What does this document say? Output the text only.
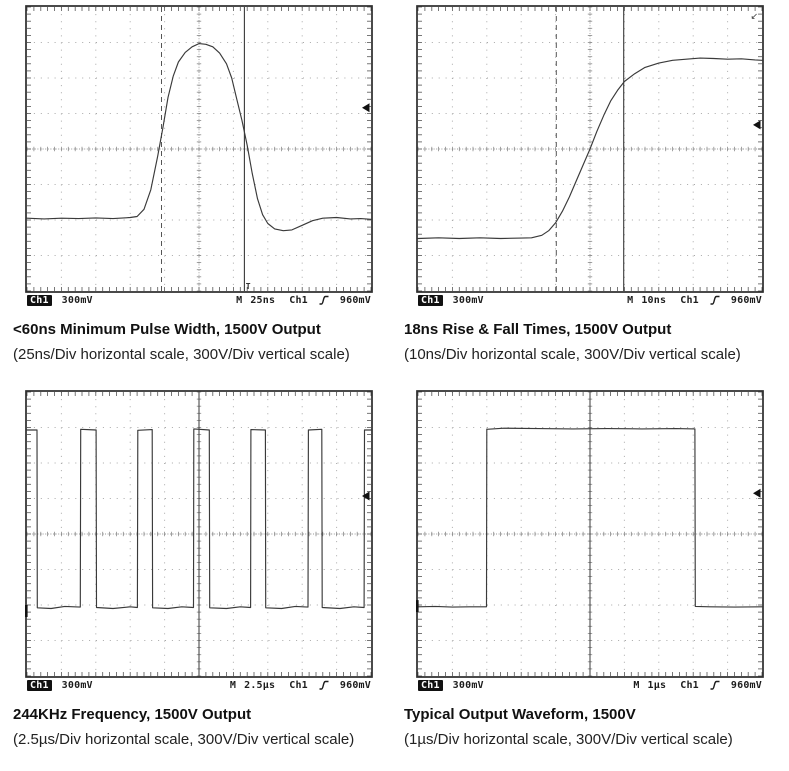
T
Ch1	300mV	M 25ns Ch1	960mV
<60ns Minimum Pulse Width, 1500V Output
(25ns/Div horizontal scale, 300V/Div vertical scale)
↙
Ch1	300mV	M 10ns Ch1	960mV
18ns Rise & Fall Times, 1500V Output
(10ns/Div horizontal scale, 300V/Div vertical scale)
Ch1	300mV	M 2.5µs Ch1	960mV
244KHz Frequency, 1500V Output
(2.5µs/Div horizontal scale, 300V/Div vertical scale)
Ch1	300mV	M 1µs Ch1	960mV
Typical Output Waveform, 1500V
(1µs/Div horizontal scale, 300V/Div vertical scale)
